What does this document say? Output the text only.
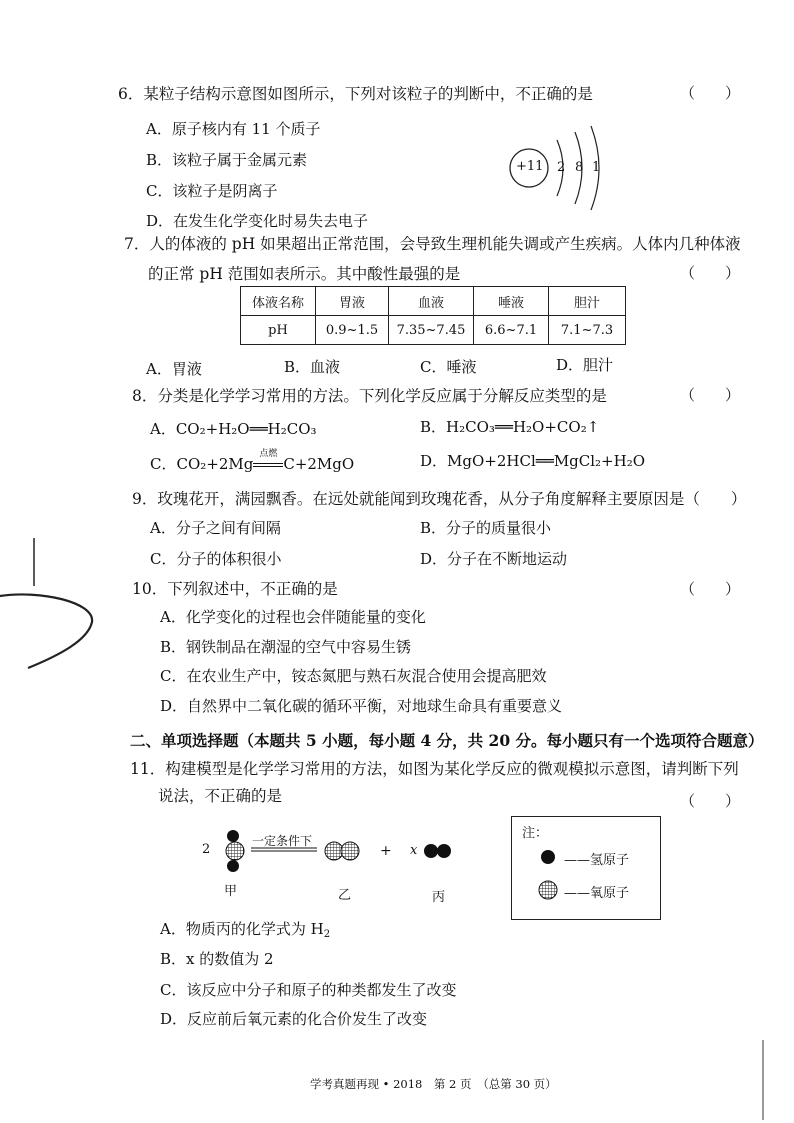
6．某粒子结构示意图如图所示，下列对该粒子的判断中，不正确的是	（　　）
A．原子核内有 11 个质子
B．该粒子属于金属元素
C．该粒子是阴离子
D．在发生化学变化时易失去电子
+11 2 8 1
7．人的体液的 pH 如果超出正常范围，会导致生理机能失调或产生疾病。人体内几种体液
的正常 pH 范围如表所示。其中酸性最强的是	（　　）
体液名称	胃液	血液	唾液	胆汁
pH	0.9~1.5	7.35~7.45	6.6~7.1	7.1~7.3
A．胃液	B．血液	C．唾液	D．胆汁
8．分类是化学学习常用的方法。下列化学反应属于分解反应类型的是	（　　）
A．CO₂+H₂O══H₂CO₃	B．H₂CO₃══H₂O+CO₂↑
C．CO₂+2Mg
点燃
C+2MgO	D．MgO+2HCl══MgCl₂+H₂O
9．玫瑰花开，满园飘香。在远处就能闻到玫瑰花香，从分子角度解释主要原因是（　　）
A．分子之间有间隔	B．分子的质量很小
C．分子的体积很小	D．分子在不断地运动
10．下列叙述中，不正确的是	（　　）
A．化学变化的过程也会伴随能量的变化
B．钢铁制品在潮湿的空气中容易生锈
C．在农业生产中，铵态氮肥与熟石灰混合使用会提高肥效
D．自然界中二氧化碳的循环平衡，对地球生命具有重要意义
二、单项选择题（本题共 5 小题，每小题 4 分，共 20 分。每小题只有一个选项符合题意）
11．构建模型是化学学习常用的方法，如图为某化学反应的微观模拟示意图，请判断下列
说法，不正确的是	（　　）
2
一定条件下
+ x
甲	乙	丙
注：
——氢原子
——氧原子
A．物质丙的化学式为 $H_2$
B．x 的数值为 2
C．该反应中分子和原子的种类都发生了改变
D．反应前后氧元素的化合价发生了改变
学考真题再现 • 2018　第 2 页　（总第 30 页）
